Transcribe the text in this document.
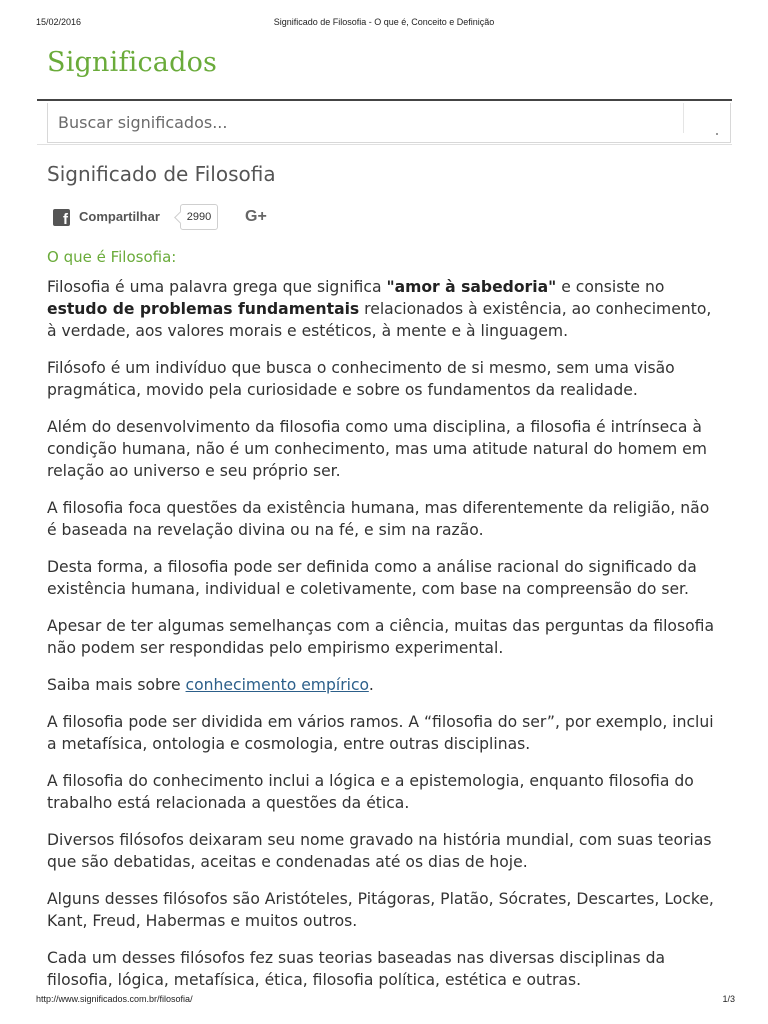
15/02/2016	Significado de Filosofia - O que é, Conceito e Definição
Significados
Buscar significados...
Significado de Filosofia
f Compartilhar	2990	G+
O que é Filosofia:

Filosofia é uma palavra grega que significa "amor à sabedoria" e consiste no estudo de problemas fundamentais relacionados à existência, ao conhecimento, à verdade, aos valores morais e estéticos, à mente e à linguagem.

Filósofo é um indivíduo que busca o conhecimento de si mesmo, sem uma visão pragmática, movido pela curiosidade e sobre os fundamentos da realidade.

Além do desenvolvimento da filosofia como uma disciplina, a filosofia é intrínseca à condição humana, não é um conhecimento, mas uma atitude natural do homem em relação ao universo e seu próprio ser.

A filosofia foca questões da existência humana, mas diferentemente da religião, não é baseada na revelação divina ou na fé, e sim na razão.

Desta forma, a filosofia pode ser definida como a análise racional do significado da existência humana, individual e coletivamente, com base na compreensão do ser.

Apesar de ter algumas semelhanças com a ciência, muitas das perguntas da filosofia não podem ser respondidas pelo empirismo experimental.

Saiba mais sobre conhecimento empírico.

A filosofia pode ser dividida em vários ramos. A “filosofia do ser”, por exemplo, inclui a metafísica, ontologia e cosmologia, entre outras disciplinas.

A filosofia do conhecimento inclui a lógica e a epistemologia, enquanto filosofia do trabalho está relacionada a questões da ética.

Diversos filósofos deixaram seu nome gravado na história mundial, com suas teorias que são debatidas, aceitas e condenadas até os dias de hoje.

Alguns desses filósofos são Aristóteles, Pitágoras, Platão, Sócrates, Descartes, Locke, Kant, Freud, Habermas e muitos outros.

Cada um desses filósofos fez suas teorias baseadas nas diversas disciplinas da filosofia, lógica, metafísica, ética, filosofia política, estética e outras.

http://www.significados.com.br/filosofia/	1/3
